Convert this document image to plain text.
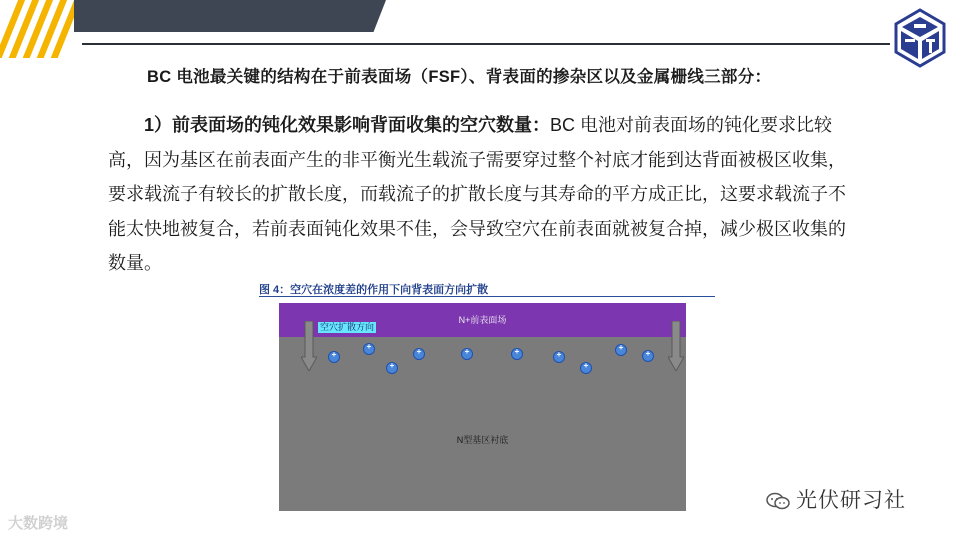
BC 电池最关键的结构在于前表面场（FSF）、背表面的掺杂区以及金属栅线三部分：
1）前表面场的钝化效果影响背面收集的空穴数量：BC 电池对前表面场的钝化要求比较高，因为基区在前表面产生的非平衡光生载流子需要穿过整个衬底才能到达背面被极区收集，要求载流子有较长的扩散长度，而载流子的扩散长度与其寿命的平方成正比，这要求载流子不能太快地被复合，若前表面钝化效果不佳，会导致空穴在前表面就被复合掉，减少极区收集的数量。
图 4：空穴在浓度差的作用下向背表面方向扩散
N+前表面场
空穴扩散方向
+
+
+
+
+
+
+
+
+
+
N型基区衬底
大数跨境
光伏研习社
